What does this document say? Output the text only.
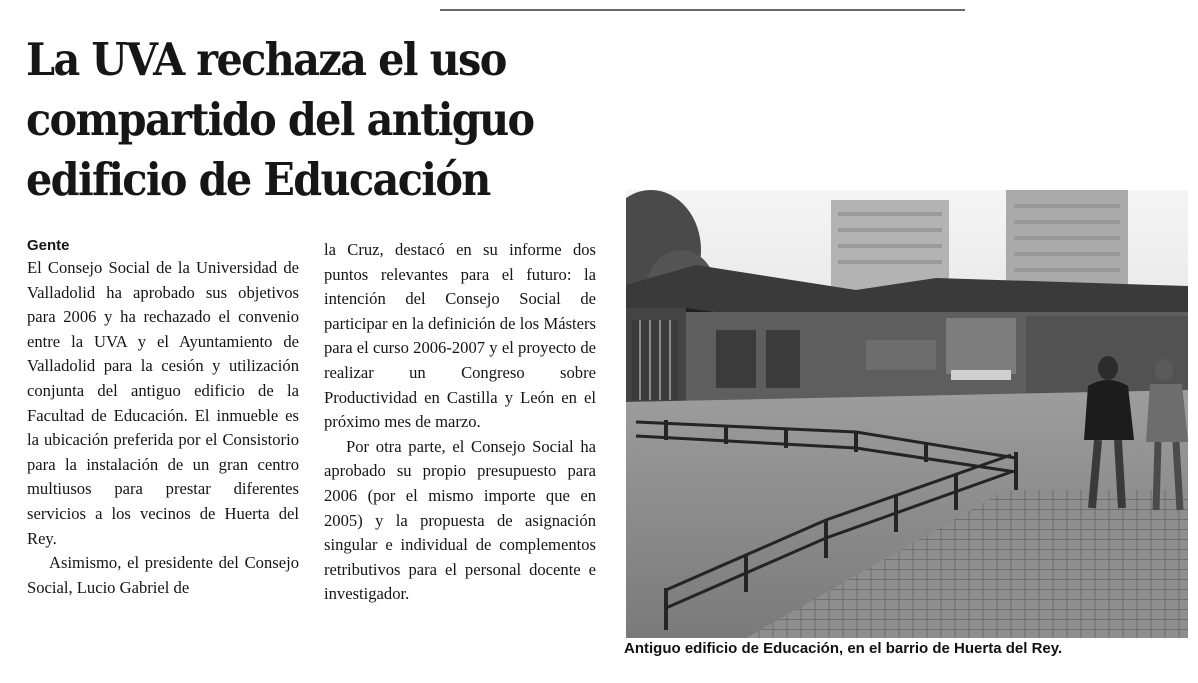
La UVA rechaza el uso
compartido del antiguo
edificio de Educación
Gente

El Consejo Social de la Universidad de Valladolid ha aprobado sus objetivos para 2006 y ha rechazado el convenio entre la UVA y el Ayuntamiento de Valladolid para la cesión y utilización conjunta del antiguo edificio de la Facultad de Educación. El inmueble es la ubicación preferida por el Consistorio para la instalación de un gran centro multiusos para prestar diferentes servicios a los vecinos de Huerta del Rey.

Asimismo, el presidente del Consejo Social, Lucio Gabriel de

la Cruz, destacó en su informe dos puntos relevantes para el futuro: la intención del Consejo Social de participar en la definición de los Másters para el curso 2006-2007 y el proyecto de realizar un Congreso sobre Productividad en Castilla y León en el próximo mes de marzo.

Por otra parte, el Consejo Social ha aprobado su propio presupuesto para 2006 (por el mismo importe que en 2005) y la propuesta de asignación singular e individual de complementos retributivos para el personal docente e investigador.

Antiguo edificio de Educación, en el barrio de Huerta del Rey.
